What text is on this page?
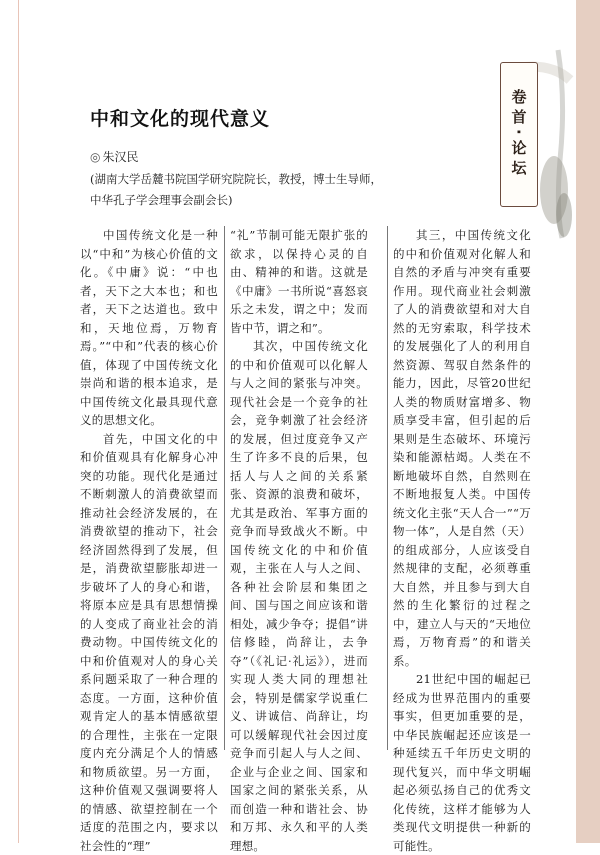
卷首·论坛
中和文化的现代意义
◎ 朱汉民
(湖南大学岳麓书院国学研究院院长，教授，博士生导师，
中华孔子学会理事会副会长)

中国传统文化是一种以“中和”为核心价值的文化。《中庸》说：“中也者，天下之大本也；和也者，天下之达道也。致中和，天地位焉，万物育焉。”“中和”代表的核心价值，体现了中国传统文化崇尚和谐的根本追求，是中国传统文化最具现代意义的思想文化。

首先，中国文化的中和价值观具有化解身心冲突的功能。现代化是通过不断刺激人的消费欲望而推动社会经济发展的，在消费欲望的推动下，社会经济固然得到了发展，但是，消费欲望膨胀却进一步破坏了人的身心和谐，将原本应是具有思想情操的人变成了商业社会的消费动物。中国传统文化的中和价值观对人的身心关系问题采取了一种合理的态度。一方面，这种价值观肯定人的基本情感欲望的合理性，主张在一定限度内充分满足个人的情感和物质欲望。另一方面，这种价值观又强调要将人的情感、欲望控制在一个适度的范围之内，要求以社会性的“理”

“礼”节制可能无限扩张的欲求，以保持心灵的自由、精神的和谐。这就是《中庸》一书所说“喜怒哀乐之未发，谓之中；发而皆中节，谓之和”。

其次，中国传统文化的中和价值观可以化解人与人之间的紧张与冲突。现代社会是一个竞争的社会，竞争刺激了社会经济的发展，但过度竞争又产生了许多不良的后果，包括人与人之间的关系紧张、资源的浪费和破坏，尤其是政治、军事方面的竞争而导致战火不断。中国传统文化的中和价值观，主张在人与人之间、各种社会阶层和集团之间、国与国之间应该和谐相处，减少争夺；提倡“讲信修睦，尚辞让，去争夺”（《礼记·礼运》），进而实现人类大同的理想社会，特别是儒家学说重仁义、讲诚信、尚辞让，均可以缓解现代社会因过度竞争而引起人与人之间、企业与企业之间、国家和国家之间的紧张关系，从而创造一种和谐社会、协和万邦、永久和平的人类理想。

其三，中国传统文化的中和价值观对化解人和自然的矛盾与冲突有重要作用。现代商业社会刺激了人的消费欲望和对大自然的无穷索取，科学技术的发展强化了人的利用自然资源、驾驭自然条件的能力，因此，尽管20世纪人类的物质财富增多、物质享受丰富，但引起的后果则是生态破坏、环境污染和能源枯竭。人类在不断地破坏自然，自然则在不断地报复人类。中国传统文化主张“天人合一”“万物一体”，人是自然（天）的组成部分，人应该受自然规律的支配，必须尊重大自然，并且参与到大自然的生化繁衍的过程之中，建立人与天的“天地位焉，万物育焉”的和谐关系。

21世纪中国的崛起已经成为世界范围内的重要事实，但更加重要的是，中华民族崛起还应该是一种延续五千年历史文明的现代复兴，而中华文明崛起必须弘扬自己的优秀文化传统，这样才能够为人类现代文明提供一种新的可能性。
